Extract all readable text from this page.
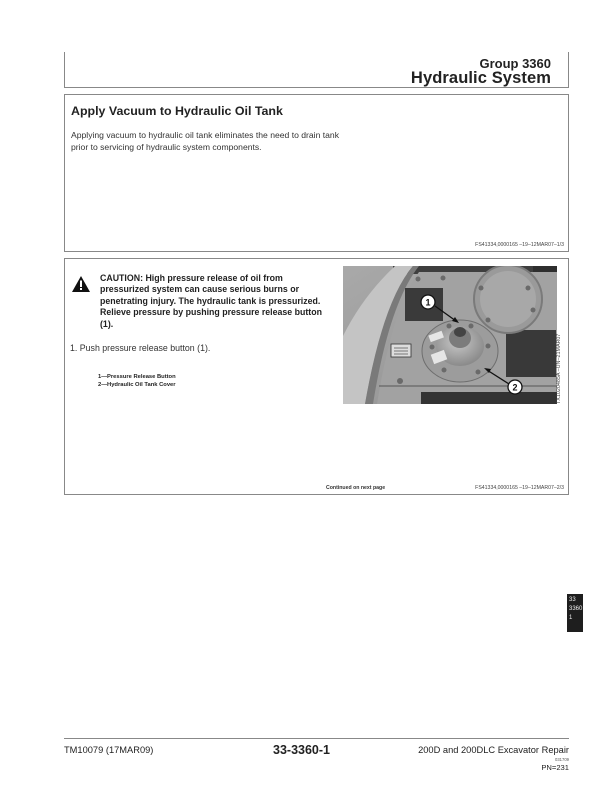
Group 3360
Hydraulic System
Apply Vacuum to Hydraulic Oil Tank
Applying vacuum to hydraulic oil tank eliminates the need to drain tank prior to servicing of hydraulic system components.
FS41334,0000165 –19–12MAR07–1/3
CAUTION: High pressure release of oil from pressurized system can cause serious burns or penetrating injury. The hydraulic tank is pressurized. Relieve pressure by pushing pressure release button (1).
1. Push pressure release button (1).
1—Pressure Release Button
2—Hydraulic Oil Tank Cover
Continued on next page	FS41334,0000165 –19–12MAR07–2/3
1
2	TX1020485A –UN–21MAR07
33
3360
1
TM10079 (17MAR09)	33-3360-1	200D and 200DLC Excavator Repair
031709
PN=231
